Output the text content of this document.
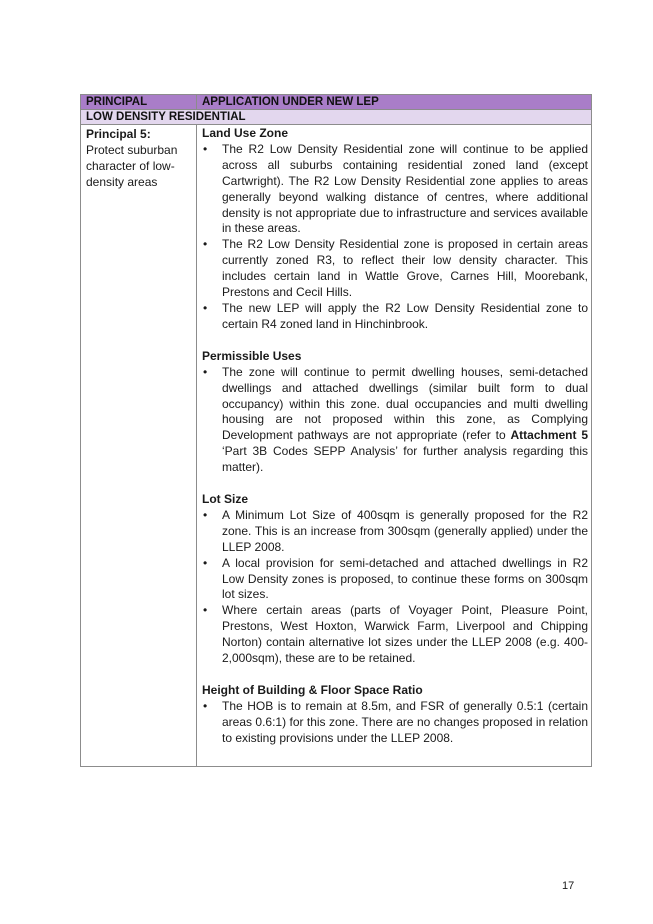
PRINCIPAL	APPLICATION UNDER NEW LEP
LOW DENSITY RESIDENTIAL
Principal 5:
Protect suburban character of low-density areas
Land Use Zone
• The R2 Low Density Residential zone will continue to be applied across all suburbs containing residential zoned land (except Cartwright). The R2 Low Density Residential zone applies to areas generally beyond walking distance of centres, where additional density is not appropriate due to infrastructure and services available in these areas.
• The R2 Low Density Residential zone is proposed in certain areas currently zoned R3, to reflect their low density character. This includes certain land in Wattle Grove, Carnes Hill, Moorebank, Prestons and Cecil Hills.
• The new LEP will apply the R2 Low Density Residential zone to certain R4 zoned land in Hinchinbrook.
Permissible Uses
• The zone will continue to permit dwelling houses, semi-detached dwellings and attached dwellings (similar built form to dual occupancy) within this zone. dual occupancies and multi dwelling housing are not proposed within this zone, as Complying Development pathways are not appropriate (refer to Attachment 5 ‘Part 3B Codes SEPP Analysis’ for further analysis regarding this matter).
Lot Size
• A Minimum Lot Size of 400sqm is generally proposed for the R2 zone. This is an increase from 300sqm (generally applied) under the LLEP 2008.
• A local provision for semi-detached and attached dwellings in R2 Low Density zones is proposed, to continue these forms on 300sqm lot sizes.
• Where certain areas (parts of Voyager Point, Pleasure Point, Prestons, West Hoxton, Warwick Farm, Liverpool and Chipping Norton) contain alternative lot sizes under the LLEP 2008 (e.g. 400-2,000sqm), these are to be retained.
Height of Building & Floor Space Ratio
• The HOB is to remain at 8.5m, and FSR of generally 0.5:1 (certain areas 0.6:1) for this zone. There are no changes proposed in relation to existing provisions under the LLEP 2008.
17
